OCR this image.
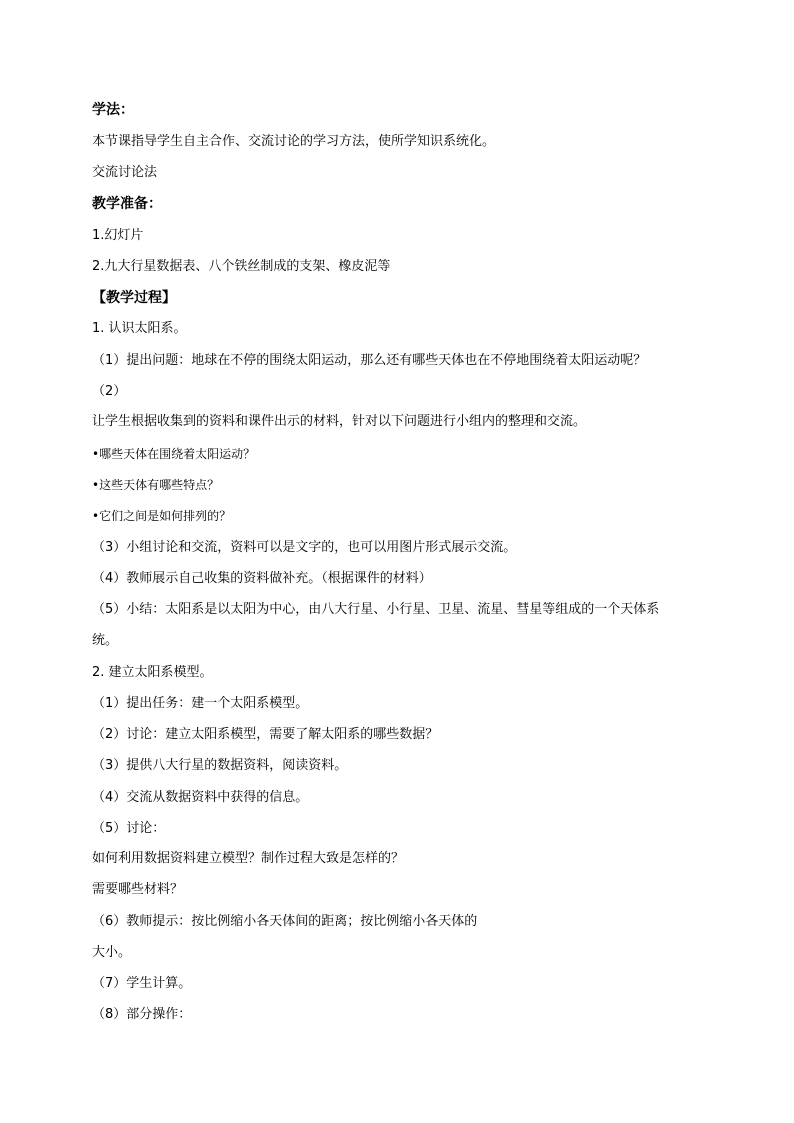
学法：
本节课指导学生自主合作、交流讨论的学习方法，使所学知识系统化。
交流讨论法
教学准备：
1.幻灯片
2.九大行星数据表、八个铁丝制成的支架、橡皮泥等
【教学过程】
1. 认识太阳系。
（1）提出问题：地球在不停的围绕太阳运动，那么还有哪些天体也在不停地围绕着太阳运动呢？
（2）
让学生根据收集到的资料和课件出示的材料，针对以下问题进行小组内的整理和交流。
•哪些天体在围绕着太阳运动？
•这些天体有哪些特点？
•它们之间是如何排列的？
（3）小组讨论和交流，资料可以是文字的，也可以用图片形式展示交流。
（4）教师展示自己收集的资料做补充。（根据课件的材料）
（5）小结：太阳系是以太阳为中心，由八大行星、小行星、卫星、流星、彗星等组成的一个天体系
统。
2. 建立太阳系模型。
（1）提出任务：建一个太阳系模型。
（2）讨论：建立太阳系模型，需要了解太阳系的哪些数据？
（3）提供八大行星的数据资料，阅读资料。
（4）交流从数据资料中获得的信息。
（5）讨论：
如何利用数据资料建立模型？制作过程大致是怎样的？
需要哪些材料？
（6）教师提示：按比例缩小各天体间的距离；按比例缩小各天体的
大小。
（7）学生计算。
（8）部分操作：
